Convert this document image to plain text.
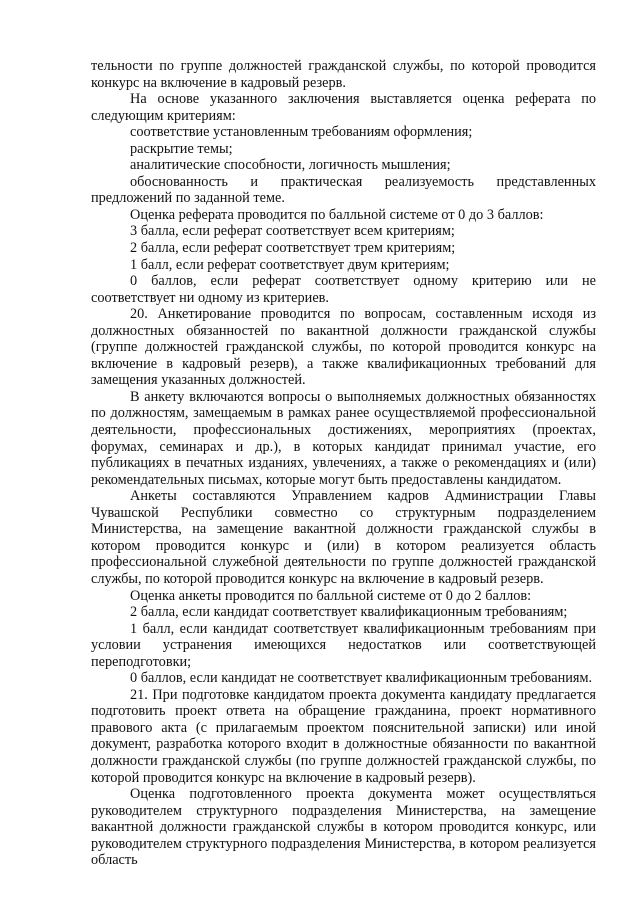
тельности по группе должностей гражданской службы, по которой проводится конкурс на включение в кадровый резерв.

На основе указанного заключения выставляется оценка реферата по следующим критериям:

соответствие установленным требованиям оформления;

раскрытие темы;

аналитические способности, логичность мышления;

обоснованность и практическая реализуемость представленных предложений по заданной теме.

Оценка реферата проводится по балльной системе от 0 до 3 баллов:

3 балла, если реферат соответствует всем критериям;

2 балла, если реферат соответствует трем критериям;

1 балл, если реферат соответствует двум критериям;

0 баллов, если реферат соответствует одному критерию или не соответствует ни одному из критериев.

20. Анкетирование проводится по вопросам, составленным исходя из должностных обязанностей по вакантной должности гражданской службы (группе должностей гражданской службы, по которой проводится конкурс на включение в кадровый резерв), а также квалификационных требований для замещения указанных должностей.

В анкету включаются вопросы о выполняемых должностных обязанностях по должностям, замещаемым в рамках ранее осуществляемой профессиональной деятельности, профессиональных достижениях, мероприятиях (проектах, форумах, семинарах и др.), в которых кандидат принимал участие, его публикациях в печатных изданиях, увлечениях, а также о рекомендациях и (или) рекомендательных письмах, которые могут быть предоставлены кандидатом.

Анкеты составляются Управлением кадров Администрации Главы Чувашской Республики совместно со структурным подразделением Министерства, на замещение вакантной должности гражданской службы в котором проводится конкурс и (или) в котором реализуется область профессиональной служебной деятельности по группе должностей гражданской службы, по которой проводится конкурс на включение в кадровый резерв.

Оценка анкеты проводится по балльной системе от 0 до 2 баллов:

2 балла, если кандидат соответствует квалификационным требованиям;

1 балл, если кандидат соответствует квалификационным требованиям при условии устранения имеющихся недостатков или соответствующей переподготовки;

0 баллов, если кандидат не соответствует квалификационным требованиям.

21. При подготовке кандидатом проекта документа кандидату предлагается подготовить проект ответа на обращение гражданина, проект нормативного правового акта (с прилагаемым проектом пояснительной записки) или иной документ, разработка которого входит в должностные обязанности по вакантной должности гражданской службы (по группе должностей гражданской службы, по которой проводится конкурс на включение в кадровый резерв).

Оценка подготовленного проекта документа может осуществляться руководителем структурного подразделения Министерства, на замещение вакантной должности гражданской службы в котором проводится конкурс, или руководителем структурного подразделения Министерства, в котором реализуется область
